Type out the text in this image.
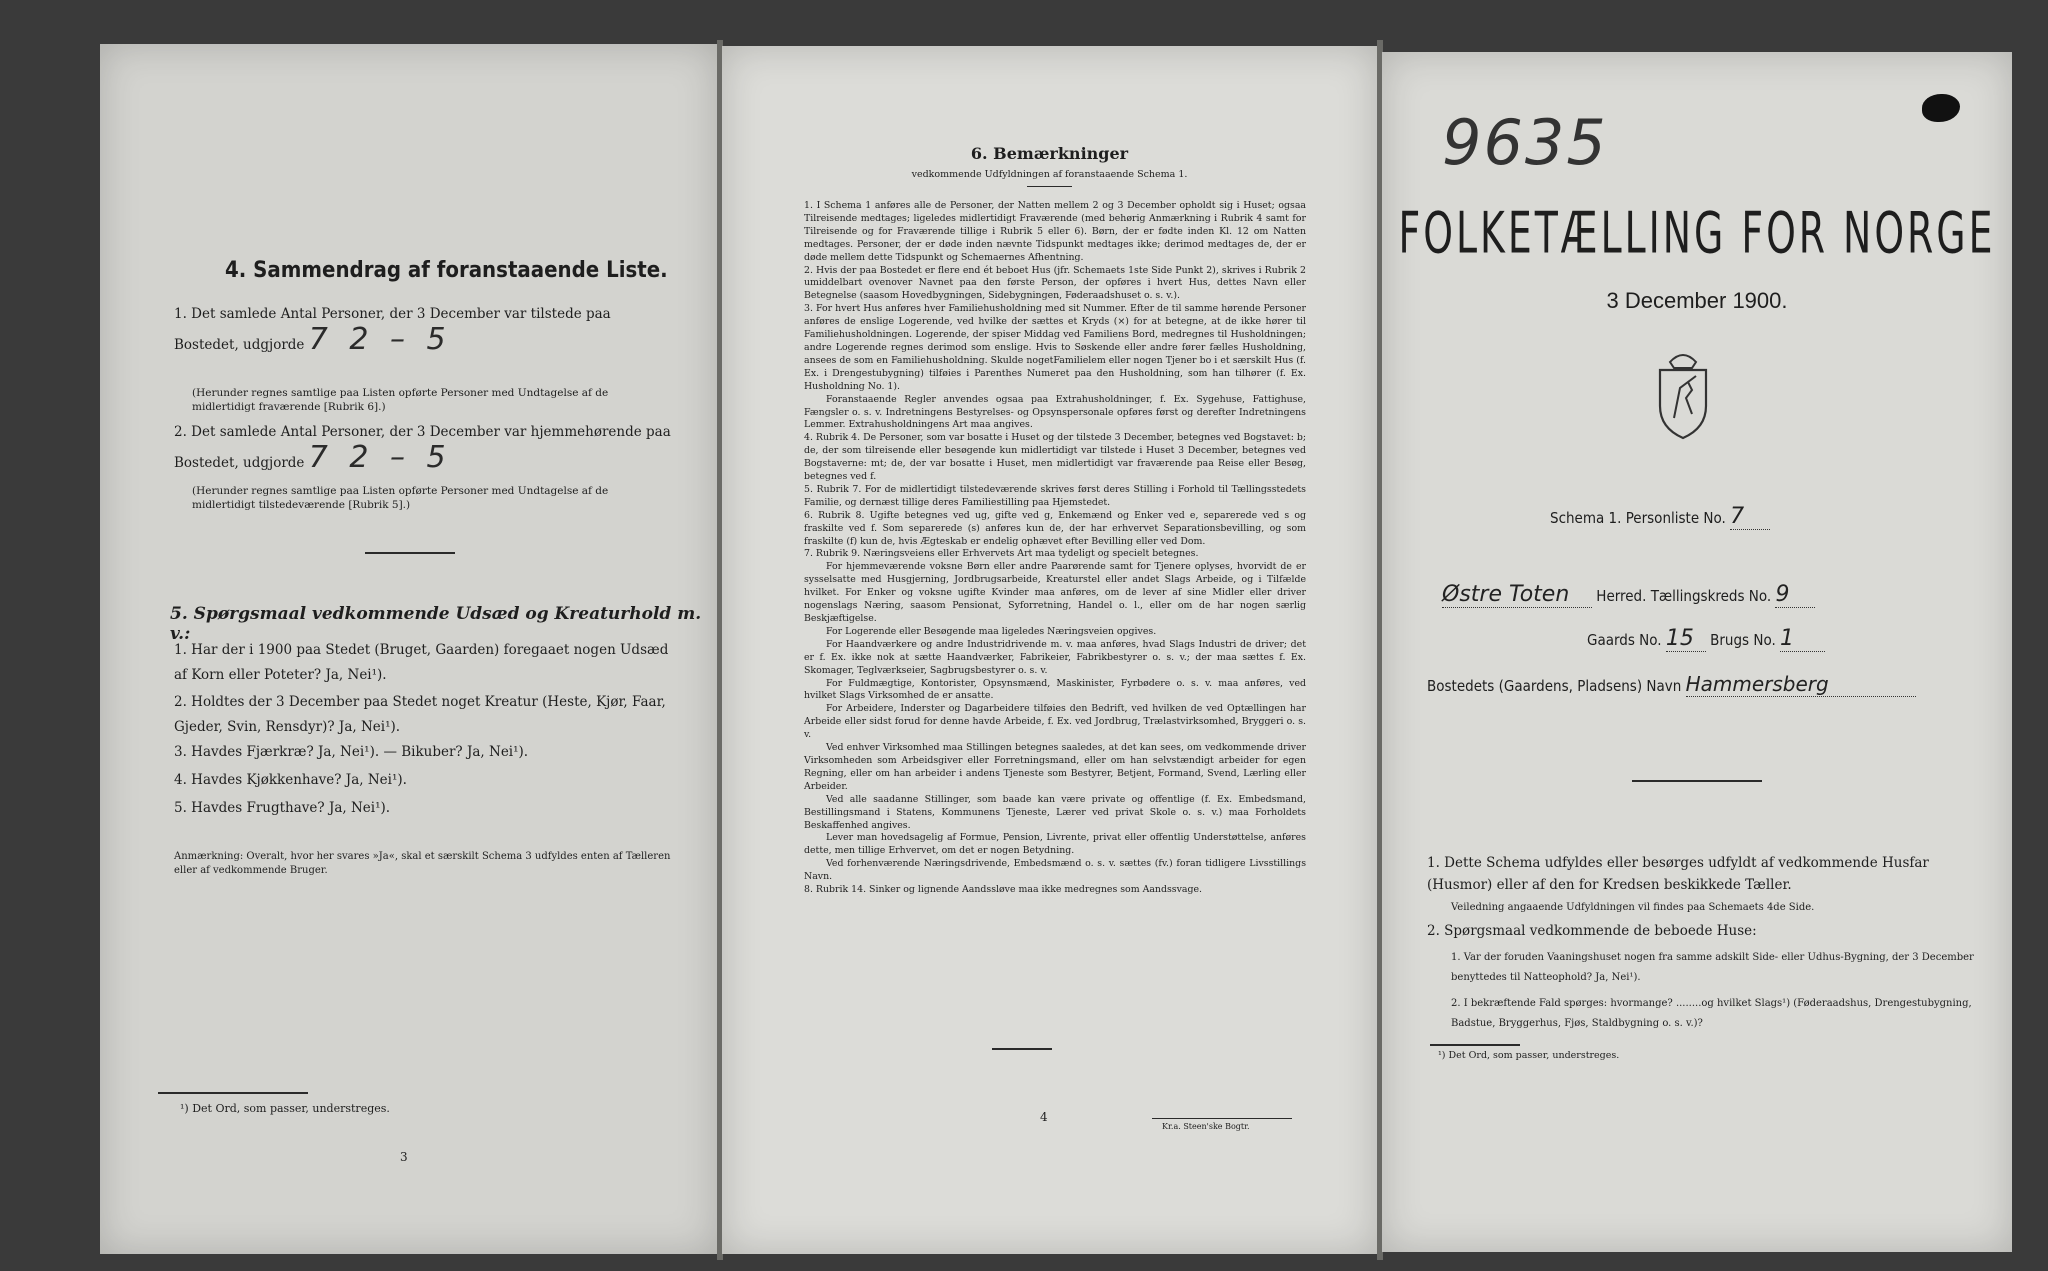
4. Sammendrag af foranstaaende Liste.
1. Det samlede Antal Personer, der 3 December var tilstede paa Bostedet, udgjorde 7 2 – 5
(Herunder regnes samtlige paa Listen opførte Personer med Undtagelse af de midlertidigt fraværende [Rubrik 6].)
2. Det samlede Antal Personer, der 3 December var hjemmehørende paa Bostedet, udgjorde 7 2 – 5
(Herunder regnes samtlige paa Listen opførte Personer med Undtagelse af de midlertidigt tilstedeværende [Rubrik 5].)
5. Spørgsmaal vedkommende Udsæd og Kreaturhold m. v.:
1. Har der i 1900 paa Stedet (Bruget, Gaarden) foregaaet nogen Udsæd af Korn eller Poteter? Ja, Nei¹).
2. Holdtes der 3 December paa Stedet noget Kreatur (Heste, Kjør, Faar, Gjeder, Svin, Rensdyr)? Ja, Nei¹).
3. Havdes Fjærkræ? Ja, Nei¹). — Bikuber? Ja, Nei¹).
4. Havdes Kjøkkenhave? Ja, Nei¹).
5. Havdes Frugthave? Ja, Nei¹).
Anmærkning: Overalt, hvor her svares »Ja«, skal et særskilt Schema 3 udfyldes enten af Tælleren eller af vedkommende Bruger.
¹) Det Ord, som passer, understreges.
3
6. Bemærkninger
vedkommende Udfyldningen af foranstaaende Schema 1.

1. I Schema 1 anføres alle de Personer, der Natten mellem 2 og 3 December opholdt sig i Huset; ogsaa Tilreisende medtages; ligeledes midlertidigt Fraværende (med behørig Anmærkning i Rubrik 4 samt for Tilreisende og for Fraværende tillige i Rubrik 5 eller 6). Børn, der er fødte inden Kl. 12 om Natten medtages. Personer, der er døde inden nævnte Tidspunkt medtages ikke; derimod medtages de, der er døde mellem dette Tidspunkt og Schemaernes Afhentning.

2. Hvis der paa Bostedet er flere end ét beboet Hus (jfr. Schemaets 1ste Side Punkt 2), skrives i Rubrik 2 umiddelbart ovenover Navnet paa den første Person, der opføres i hvert Hus, dettes Navn eller Betegnelse (saasom Hovedbygningen, Sidebygningen, Føderaadshuset o. s. v.).

3. For hvert Hus anføres hver Familiehusholdning med sit Nummer. Efter de til samme hørende Personer anføres de enslige Logerende, ved hvilke der sættes et Kryds (×) for at betegne, at de ikke hører til Familiehusholdningen. Logerende, der spiser Middag ved Familiens Bord, medregnes til Husholdningen; andre Logerende regnes derimod som enslige. Hvis to Søskende eller andre fører fælles Husholdning, ansees de som en Familiehusholdning. Skulde nogetFamilielem eller nogen Tjener bo i et særskilt Hus (f. Ex. i Drengestubygning) tilføies i Parenthes Numeret paa den Husholdning, som han tilhører (f. Ex. Husholdning No. 1).

Foranstaaende Regler anvendes ogsaa paa Extrahusholdninger, f. Ex. Sygehuse, Fattighuse, Fængsler o. s. v. Indretningens Bestyrelses- og Opsynspersonale opføres først og derefter Indretningens Lemmer. Extrahusholdningens Art maa angives.

4. Rubrik 4. De Personer, som var bosatte i Huset og der tilstede 3 December, betegnes ved Bogstavet: b; de, der som tilreisende eller besøgende kun midlertidigt var tilstede i Huset 3 December, betegnes ved Bogstaverne: mt; de, der var bosatte i Huset, men midlertidigt var fraværende paa Reise eller Besøg, betegnes ved f.

5. Rubrik 7. For de midlertidigt tilstedeværende skrives først deres Stilling i Forhold til Tællingsstedets Familie, og dernæst tillige deres Familiestilling paa Hjemstedet.

6. Rubrik 8. Ugifte betegnes ved ug, gifte ved g, Enkemænd og Enker ved e, separerede ved s og fraskilte ved f. Som separerede (s) anføres kun de, der har erhvervet Separationsbevilling, og som fraskilte (f) kun de, hvis Ægteskab er endelig ophævet efter Bevilling eller ved Dom.

7. Rubrik 9. Næringsveiens eller Erhvervets Art maa tydeligt og specielt betegnes.

For hjemmeværende voksne Børn eller andre Paarørende samt for Tjenere oplyses, hvorvidt de er sysselsatte med Husgjerning, Jordbrugsarbeide, Kreaturstel eller andet Slags Arbeide, og i Tilfælde hvilket. For Enker og voksne ugifte Kvinder maa anføres, om de lever af sine Midler eller driver nogenslags Næring, saasom Pensionat, Syforretning, Handel o. l., eller om de har nogen særlig Beskjæftigelse.

For Logerende eller Besøgende maa ligeledes Næringsveien opgives.

For Haandværkere og andre Industridrivende m. v. maa anføres, hvad Slags Industri de driver; det er f. Ex. ikke nok at sætte Haandværker, Fabrikeier, Fabrikbestyrer o. s. v.; der maa sættes f. Ex. Skomager, Teglværkseier, Sagbrugsbestyrer o. s. v.

For Fuldmægtige, Kontorister, Opsynsmænd, Maskinister, Fyrbødere o. s. v. maa anføres, ved hvilket Slags Virksomhed de er ansatte.

For Arbeidere, Inderster og Dagarbeidere tilføies den Bedrift, ved hvilken de ved Optællingen har Arbeide eller sidst forud for denne havde Arbeide, f. Ex. ved Jordbrug, Trælastvirksomhed, Bryggeri o. s. v.

Ved enhver Virksomhed maa Stillingen betegnes saaledes, at det kan sees, om vedkommende driver Virksomheden som Arbeidsgiver eller Forretningsmand, eller om han selvstændigt arbeider for egen Regning, eller om han arbeider i andens Tjeneste som Bestyrer, Betjent, Formand, Svend, Lærling eller Arbeider.

Ved alle saadanne Stillinger, som baade kan være private og offentlige (f. Ex. Embedsmand, Bestillingsmand i Statens, Kommunens Tjeneste, Lærer ved privat Skole o. s. v.) maa Forholdets Beskaffenhed angives.

Lever man hovedsagelig af Formue, Pension, Livrente, privat eller offentlig Understøttelse, anføres dette, men tillige Erhvervet, om det er nogen Betydning.

Ved forhenværende Næringsdrivende, Embedsmænd o. s. v. sættes (fv.) foran tidligere Livsstillings Navn.

8. Rubrik 14. Sinker og lignende Aandssløve maa ikke medregnes som Aandssvage.

4
Kr.a. Steen'ske Bogtr.
9635
FOLKETÆLLING FOR NORGE
3 December 1900.
Schema 1. Personliste No. 7
Østre Toten Herred. Tællingskreds No. 9
Gaards No. 15 Brugs No. 1
Bostedets (Gaardens, Pladsens) Navn Hammersberg
1. Dette Schema udfyldes eller besørges udfyldt af vedkommende Husfar (Husmor) eller af den for Kredsen beskikkede Tæller.
Veiledning angaaende Udfyldningen vil findes paa Schemaets 4de Side.
2. Spørgsmaal vedkommende de beboede Huse:
1. Var der foruden Vaaningshuset nogen fra samme adskilt Side- eller Udhus-Bygning, der 3 December benyttedes til Natteophold? Ja, Nei¹).
2. I bekræftende Fald spørges: hvormange? ........og hvilket Slags¹) (Føderaadshus, Drengestubygning, Badstue, Bryggerhus, Fjøs, Staldbygning o. s. v.)?
¹) Det Ord, som passer, understreges.
